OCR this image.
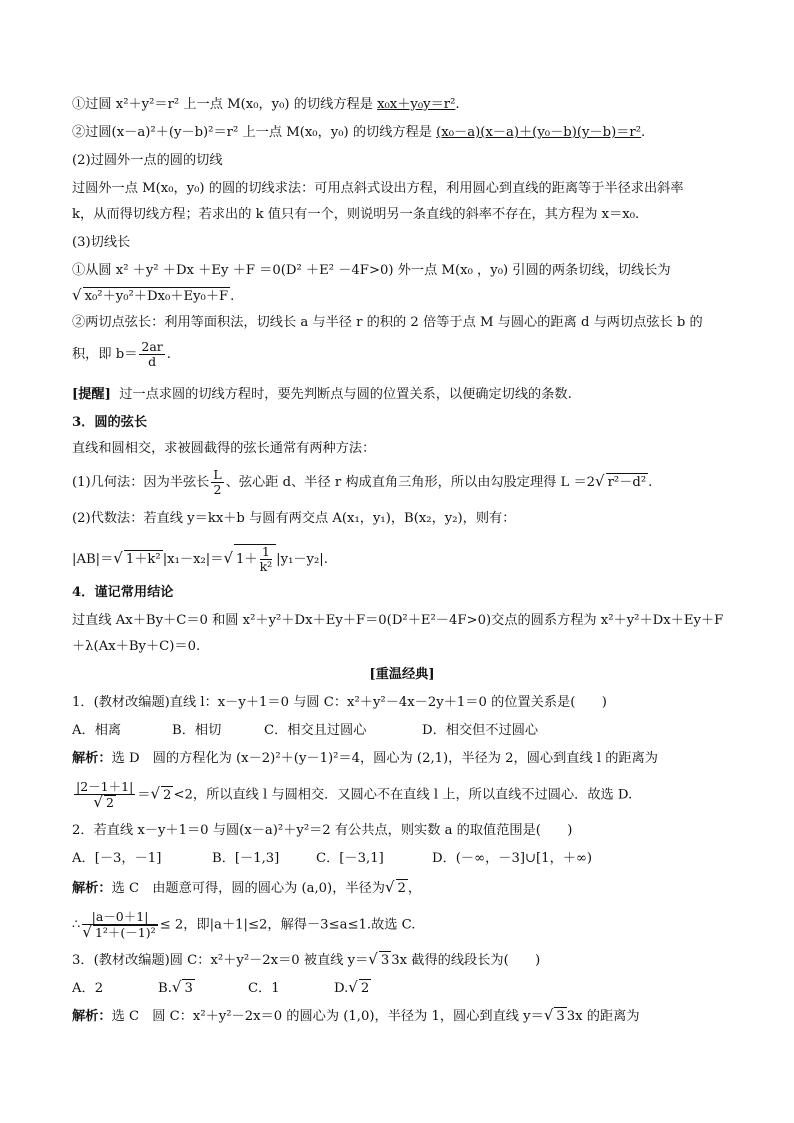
①过圆 x²＋y²＝r² 上一点 M(x₀，y₀) 的切线方程是 x₀x＋y₀y＝r².
②过圆(x－a)²＋(y－b)²＝r² 上一点 M(x₀，y₀) 的切线方程是 (x₀－a)(x－a)＋(y₀－b)(y－b)＝r².
(2)过圆外一点的圆的切线
过圆外一点 M(x₀，y₀) 的圆的切线求法：可用点斜式设出方程，利用圆心到直线的距离等于半径求出斜率
k，从而得切线方程；若求出的 k 值只有一个，则说明另一条直线的斜率不存在，其方程为 x＝x₀.
(3)切线长
①从圆 x² ＋y² ＋Dx ＋Ey ＋F ＝0(D² ＋E² －4F>0) 外一点 M(x₀ ，y₀) 引圆的两条切线，切线长为
√ x₀²＋y₀²＋Dx₀＋Ey₀＋F .
②两切点弦长：利用等面积法，切线长 a 与半径 r 的积的 2 倍等于点 M 与圆心的距离 d 与两切点弦长 b 的
积，即 $b= \frac{2ar}{d}$ .
[提醒] 过一点求圆的切线方程时，要先判断点与圆的位置关系，以便确定切线的条数.
3．圆的弦长
直线和圆相交，求被圆截得的弦长通常有两种方法：
(1)几何法：因为半弦长 $\frac{L}{2}$ 、弦心距 d、半径 r 构成直角三角形，所以由勾股定理得 L ＝2√ r²－d² .
(2)代数法：若直线 y＝kx＋b 与圆有两交点 A(x₁，y₁)，B(x₂，y₂)，则有：
|AB|＝√ 1＋k² |x₁－x₂|＝√ $1+ \frac{1}{\text{k²}} |y_1-y_2|$.
4．谨记常用结论
过直线 Ax＋By＋C＝0 和圆 x²＋y²＋Dx＋Ey＋F＝0(D²＋E²－4F>0)交点的圆系方程为 x²＋y²＋Dx＋Ey＋F
＋λ(Ax＋By＋C)＝0.
[重温经典]
1．(教材改编题)直线 l：x－y＋1＝0 与圆 C：x²＋y²－4x－2y＋1＝0 的位置关系是(　　)
A．相离	B．相切	C．相交且过圆心	D．相交但不过圆心
解析：选 D　圆的方程化为 (x－2)²＋(y－1)²＝4，圆心为 (2,1)，半径为 2，圆心到直线 l 的距离为
$\frac{|2-1+1|}{√ 2}$ ＝√ 2 <2，所以直线 l 与圆相交．又圆心不在直线 l 上，所以直线不过圆心．故选 D.
2．若直线 x－y＋1＝0 与圆(x－a)²＋y²＝2 有公共点，则实数 a 的取值范围是(　　)
A．[－3，－1]	B．[－1,3]	C．[－3,1]	D．(－∞，－3]∪[1，＋∞)
解析：选 C　由题意可得，圆的圆心为 (a,0)，半径为√ 2 ，
∴ $\frac{|a-0+1|}{\text{√ 1²＋(－1)²}} \le 2$，即|a＋1|≤2，解得－3≤a≤1.故选 C.
3．(教材改编题)圆 C：x²＋y²－2x＝0 被直线 y＝√ 3 3x 截得的线段长为(　　)
A．2	B.√ 3	C．1	D.√ 2
解析：选 C　圆 C：x²＋y²－2x＝0 的圆心为 (1,0)，半径为 1，圆心到直线 y＝√ 3 3x 的距离为
